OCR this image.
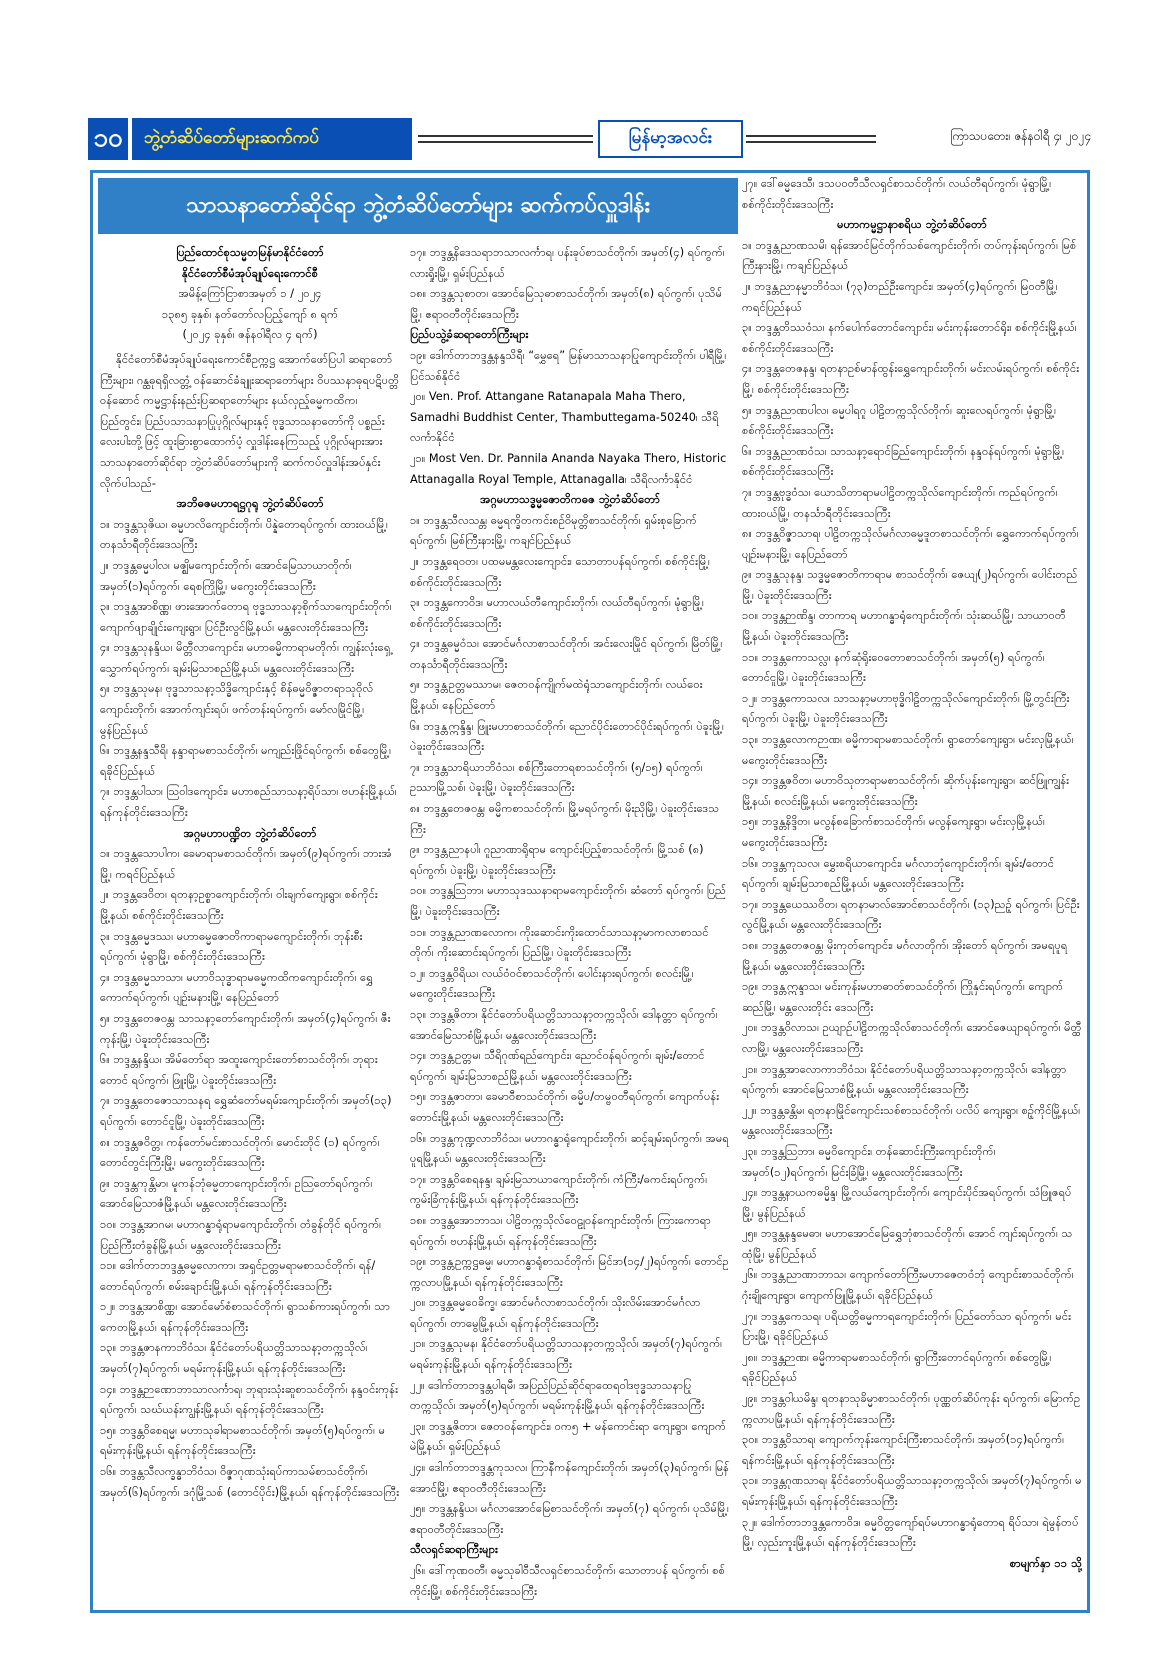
၁၀	ဘွဲ့တံဆိပ်တော်များဆက်ကပ်	မြန်မာ့အလင်း	ကြာသပတေး၊ ဇန်နဝါရီ ၄၊ ၂၀၂၄
သာသနာတော်ဆိုင်ရာ ဘွဲ့တံဆိပ်တော်များ ဆက်ကပ်လှူဒါန်း
ပြည်ထောင်စုသမ္မတမြန်မာနိုင်ငံတော်
နိုင်ငံတော်စီမံအုပ်ချုပ်ရေးကောင်စီ
အမိန့်ကြော်ငြာစာအမှတ် ၁ / ၂၀၂၄
၁၃၈၅ ခုနှစ်၊ နတ်တော်လပြည့်ကျော် ၈ ရက်
(၂၀၂၄ ခုနှစ်၊ ဇန်နဝါရီလ ၄ ရက်)
နိုင်ငံတော်စီမံအုပ်ချုပ်ရေးကောင်စီဥက္ကဋ္ဌ အောက်ဖော်ပြပါ ဆရာတော်ကြီးများ၊ ဂန္ထဓုရရှိလတ္တံ့ ဝန်ဆောင်ခံချူးဆရာတော်များ ဝိပဿနာဓုရပဋိပတ္တိဝန်ဆောင် ကမ္မဋ္ဌာန်းနည်းပြဆရာတော်များ နယ်လှည့်ဓမ္မကထိက၊ ပြည်တွင်း၊ ပြည်ပသာသနာပြုပုဂ္ဂိုလ်များနှင့် ဗုဒ္ဓသာသနာတော်ကို ပစ္စည်းလေးပါးတို့ဖြင့် ထူးခြားစွာထောက်ပံ့ လှူဒါန်းနေကြသည့် ပုဂ္ဂိုလ်များအား သာသနာတော်ဆိုင်ရာ ဘွဲ့တံဆိပ်တော်များကို ဆက်ကပ်လှူဒါန်းအပ်နှင်းလိုက်ပါသည်-
အဘိဓဇမဟာရဋ္ဌဂုရု ဘွဲ့တံဆိပ်တော်
၁။ ဘဒ္ဒန္တသုဇိယ၊ ဓမ္မပာလိကျောင်းတိုက်၊ ပိန္နဲတောရပ်ကွက်၊ ထားဝယ်မြို့၊ တနင်္သာရီတိုင်းဒေသကြီး
၂။ ဘဒ္ဒန္တဓမ္မပါလ၊ မဇ္ဈိမကျောင်းတိုက်၊ အောင်မြေသာယာတိုက်၊ အမှတ်(၁)ရပ်ကွက်၊ ရေစကြိုမြို့၊ မကွေးတိုင်းဒေသကြီး
၃။ ဘဒ္ဒန္တအာစိဏ္ဏ၊ ဖားအောက်တောရ ဗုဒ္ဓသာသနာ့စိုက်သာကျောင်းတိုက်၊ ကျောက်ဖျာချိုင်းကျေးရွာ၊ ပြင်ဦးလွင်မြို့နယ်၊ မန္တလေးတိုင်းဒေသကြီး
၄။ ဘဒ္ဒန္တသုနန္ဒိယ၊ မိတ္တီလာကျောင်း၊ မဟာဓမ္မိကာရာမတိုက်၊ ကျွန်းလုံးရှေ့သွှောက်ရပ်ကွက်၊ ချမ်းမြသာစည်မြို့နယ်၊ မန္တလေးတိုင်းဒေသကြီး
၅။ ဘဒ္ဒန္တသုမန၊ ဗုဒ္ဓသာသနာ့သိဒ္ဓိကျောင်းနှင့် စိန်ဓမ္မ၀ိဇ္ဇာတရာသုဝိုလ်ကျောင်းတိုက်၊ အောက်ကျင်းရပ်၊ ဖက်တန်းရပ်ကွက်၊ မော်လမြိုင်မြို့၊ မွန်ပြည်နယ်
၆။ ဘဒ္ဒန္တနန္ဒသီရိ၊ နန္ဒာရာမစာသင်တိုက်၊ မကျည်းဖြိုင်ရပ်ကွက်၊ စစ်တွေမြို့၊ ရခိုင်ပြည်နယ်
၇။ ဘဒ္ဒန္တပါသာ၊ သြဝါဒကျောင်း၊ မဟာစည်သာသနာ့ရိပ်သာ၊ ဗဟန်းမြို့နယ်၊ ရန်ကုန်တိုင်းဒေသကြီး
အဂ္ဂမဟာပဏ္ဍိတ ဘွဲ့တံဆိပ်တော်
၁။ ဘဒ္ဒန္တသောပါက၊ ခေမာရာမစာသင်တိုက်၊ အမှတ်(၉)ရပ်ကွက်၊ ဘားအံမြို့၊ ကရင်ပြည်နယ်
၂။ ဘဒ္ဒန္တဒေဝိတ၊ ရတနာ့ဥစ္စာကျောင်းတိုက်၊ ဝါးချက်ကျေးရွာ၊ စစ်ကိုင်းမြို့နယ်၊ စစ်ကိုင်းတိုင်းဒေသကြီး
၃။ ဘဒ္ဒန္တဓမ္မဒဿ၊ မဟာဓမ္မဇောတိကာရာမကျောင်းတိုက်၊ ဘုန်းစီး ရပ်ကွက်၊ မုံရွာမြို့၊ စစ်ကိုင်းတိုင်းဒေသကြီး
၄။ ဘဒ္ဒန္တဓမ္မသာသာ၊ မဟာဝိသုဒ္ဓာရာမဓမ္မကထိကကျောင်းတိုက်၊ ရွှေကောက်ရပ်ကွက်၊ ပျဉ်းမနားမြို့၊ နေပြည်တော်
၅။ ဘဒ္ဒန္တတေဇဝန္တ၊ သာသနာ့တော်ကျောင်းတိုက်၊ အမှတ်(၄)ရပ်ကွက်၊ ဇီးကုန်းမြို့၊ ပဲခူးတိုင်းဒေသကြီး
၆။ ဘဒ္ဒန္တနန္ဒိယ၊ အိမ်တော်ရာ အထူးကျောင်းတော်စာသင်တိုက်၊ ဘုရားတောင် ရပ်ကွက်၊ ဖြူးမြို့၊ ပဲခူးတိုင်းဒေသကြီး
၇။ ဘဒ္ဒန္တတေဇောသာသနရ ရွှေဆံတော်မရမ်းကျောင်းတိုက်၊ အမှတ်(၁၃) ရပ်ကွက်၊ တောင်ငူမြို့၊ ပဲခူးတိုင်းဒေသကြီး
၈။ ဘဒ္ဒန္တဇဝိတ္တ၊ ကန်တော်မင်းစာသင်တိုက်၊ မောင်းတိုင် (၁) ရပ်ကွက်၊ တောင်တွင်းကြီးမြို့၊ မကွေးတိုင်းဒေသကြီး
၉။ ဘဒ္ဒန္တကုန္တိမာ၊ မူကန်ဘုံဓမ္မတာကျောင်းတိုက်၊ ဥဩတော်ရပ်ကွက်၊ အောင်မြေသာဇံမြို့နယ်၊ မန္တလေးတိုင်းဒေသကြီး
၁၀။ ဘဒ္ဒန္တအာဂမ၊ မဟာဂန္ဓာရုံရာမကျောင်းတိုက်၊ တံခွန်တိုင် ရပ်ကွက်၊ ပြည်ကြီးတံခွန်မြို့နယ်၊ မန္တလေးတိုင်းဒေသကြီး
၁၁။ ဒေါက်တာဘဒ္ဒန္တဓမ္မလောကာ၊ အရှင်ဥတ္တမရာမစာသင်တိုက်၊ ရန်/တောင်ရပ်ကွက်၊ စမ်းချောင်းမြို့နယ်၊ ရန်ကုန်တိုင်းဒေသကြီး
၁၂။ ဘဒ္ဒန္တအာစိဏ္ဏ၊ အောင်မော်စံစာသင်တိုက်၊ ရွာသစ်ကားရပ်ကွက်၊ သာကေတမြို့နယ်၊ ရန်ကုန်တိုင်းဒေသကြီး
၁၃။ ဘဒ္ဒန္တဇာနကာဘိဝံသ၊ နိုင်ငံတော်ပရိယတ္တိသာသနာ့တက္ကသိုလ်၊ အမှတ်(၇)ရပ်ကွက်၊ မရမ်းကုန်းမြို့နယ်၊ ရန်ကုန်တိုင်းဒေသကြီး
၁၄။ ဘဒ္ဒန္တဉာဏောဘာသာလင်္ကာရ၊ ဘုရားသုံးဆူစာသင်တိုက်၊ နန္ဒဝင်းကုန်းရပ်ကွက်၊ သဃ်ယန်းကျွန်းမြို့နယ်၊ ရန်ကုန်တိုင်းဒေသကြီး
၁၅။ ဘဒ္ဒန္တဝိစေရမ္မ၊ မဟာသုခါရာမစာသင်တိုက်၊ အမှတ်(၅)ရပ်ကွက်၊ မရမ်းကုန်းမြို့နယ်၊ ရန်ကုန်တိုင်းဒေသကြီး
၁၆။ ဘဒ္ဒန္တသီလက္ခန္ဓာဘိဝံသ၊ ဝိဇ္ဇာဂုဏသုံးရပ်ကာသမ်စာသင်တိုက်၊ အမှတ်(၆)ရပ်ကွက်၊ ဒဂုံမြို့သစ် (တောင်ပိုင်း)မြို့နယ်၊ ရန်ကုန်တိုင်းဒေသကြီး
၁၇။ ဘဒ္ဒန္တနိဒေသရာဘသာလင်္ကာရ၊ ပန်းခုပ်စာသင်တိုက်၊ အမှတ်(၄) ရပ်ကွက်၊ လားရှိုးမြို့၊ ရှမ်းပြည်နယ်
၁၈။ ဘဒ္ဒန္တသုစာတ၊ အောင်မြေသုဓာစာသင်တိုက်၊ အမှတ်(၈) ရပ်ကွက်၊ ပုသိမ်မြို့၊ ဧရာဝတီတိုင်းဒေသကြီး
ပြည်ပသွဲ့ခံဆရာတော်ကြီးများ
၁၉။ ဒေါက်တာဘဒ္ဒန္တနန္ဒသိရီ၊ “မွှေရေ” မြန်မာသာသနာပြုကျောင်းတိုက်၊ ပါရီမြို့၊ ပြင်သစ်နိုင်ငံ
၂၀။ Ven. Prof. Attangane Ratanapala Maha Thero, Samadhi Buddhist Center, Thambuttegama-50240၊ သီရိလင်္ကာနိုင်ငံ
၂၁။ Most Ven. Dr. Pannila Ananda Nayaka Thero, Historic Attanagalla Royal Temple, Attanagalla၊ သီရိလင်္ကာနိုင်ငံ
အဂ္ဂမဟာသဒ္ဓမ္မဇောတိကဓဇ ဘွဲ့တံဆိပ်တော်
၁။ ဘဒ္ဒန္တသီလသန္တ၊ ဓမ္မရက္ခိတကင်းစဉ်ဝိမုတ္တိစာသင်တိုက်၊ ရှမ်းစုခြောက် ရပ်ကွက်၊ မြစ်ကြီးနားမြို့၊ ကချင်ပြည်နယ်
၂။ ဘဒ္ဒန္တရေဝတ၊ ပထမမန္တလေးကျောင်း၊ သောတာပန်ရပ်ကွက်၊ စစ်ကိုင်းမြို့၊ စစ်ကိုင်းတိုင်းဒေသကြီး
၃။ ဘဒ္ဒန္တကောဝိဒ၊ မဟာလယ်တီကျောင်းတိုက်၊ လယ်တီရပ်ကွက်၊ မုံရွာမြို့၊ စစ်ကိုင်းတိုင်းဒေသကြီး
၄။ ဘဒ္ဒန္တဓမ္မဝံသ၊ အောင်မင်္ဂလာစာသင်တိုက်၊ အင်းလေးမြိုင် ရပ်ကွက်၊ မြိတ်မြို့၊ တနင်္သာရီတိုင်းဒေသကြီး
၅။ ဘဒ္ဒန္တဥတ္တမဿာမ၊ ဇေတဝန်ကျိုက်မထဲရုံသာကျောင်းတိုက်၊ လယ်ဝေးမြို့နယ်၊ နေပြည်တော်
၆။ ဘဒ္ဒန္တဣန္ဒိန္ဒ၊ ဖြူးမဟာစာသင်တိုက်၊ ညောင်ပိုင်းတောင်ပိုင်းရပ်ကွက်၊ ပဲခူးမြို့၊ ပဲခူးတိုင်းဒေသကြီး
၇။ ဘဒ္ဒန္တသာရိယာဘိဝံသ၊ စစ်ကြီးတောရစာသင်တိုက်၊ (၅/၁၅) ရပ်ကွက်၊ ဥဿာမြို့သစ်၊ ပဲခူးမြို့၊ ပဲခူးတိုင်းဒေသကြီး
၈။ ဘဒ္ဒန္တတေဇဝန္တ၊ ဓမ္မိကစာသင်တိုက်၊ မြို့မရပ်ကွက်၊ မိုးညိုမြို့၊ ပဲခူးတိုင်းဒေသကြီး
၉။ ဘဒ္ဒန္တညာနပါ၊ ဂူညာဏာရိုရာမ ကျောင်းပြည့်စာသင်တိုက်၊ မြို့သစ် (၈) ရပ်ကွက်၊ ပဲခူးမြို့၊ ပဲခူးတိုင်းဒေသကြီး
၁၀။ ဘဒ္ဒန္တသြဘာ၊ မဟာသုဒဿနာရာမကျောင်းတိုက်၊ ဆံတော် ရပ်ကွက်၊ ပြည်မြို့၊ ပဲခူးတိုင်းဒေသကြီး
၁၁။ ဘဒ္ဒန္တညာဏလောက၊ ကိုးဆောင်းကိုးထောင်သာသနာ့မာကလာစာသင်တိုက်၊ ကိုးဆောင်းရပ်ကွက်၊ ပြည်မြို့၊ ပဲခူးတိုင်းဒေသကြီး
၁၂။ ဘဒ္ဒန္တဝိရိယ၊ လယ်ဝံဝင်စာသင်တိုက်၊ ပေါင်းနားရပ်ကွက်၊ စလင်းမြို့၊ မကွေးတိုင်းဒေသကြီး
၁၃။ ဘဒ္ဒန္တဇိတာ၊ နိုင်ငံတော်ပရိယတ္တိသာသနာ့တက္ကသိုလ်၊ ဒေါနတ္တာ ရပ်ကွက်၊ အောင်မြေသာစံမြို့နယ်၊ မန္တလေးတိုင်းဒေသကြီး
၁၄။ ဘဒ္ဒန္တဥတ္တမ၊ သီရိဂုဏ်ရည်ကျောင်း၊ ညောင်ဝန်ရပ်ကွက်၊ ချမ်း/တောင်ရပ်ကွက်၊ ချမ်းမြသာစည်မြို့နယ်၊ မန္တလေးတိုင်းဒေသကြီး
၁၅။ ဘဒ္ဒန္တဇာတာ၊ ခေမာဝီစာသင်တိုက်၊ ဓမ္မိပ/တမ္ဗဝတီရပ်ကွက်၊ ကျောက်ပန်းတောင်းမြို့နယ်၊ မန္တလေးတိုင်းဒေသကြီး
၁၆။ ဘဒ္ဒန္တကုဏ္ဍလာဘိဝံသ၊ မဟာဂန္ဓာရုံကျောင်းတိုက်၊ ဆင့်ချမ်းရပ်ကွက်၊ အမရပူရမြို့နယ်၊ မန္တလေးတိုင်းဒေသကြီး
၁၇။ ဘဒ္ဒန္တဝိစေရနန္ဒ၊ ချမ်းမြသာယာကျောင်းတိုက်၊ ကံကြီး/ဓကင်းရပ်ကွက်၊ ကွမ်းခြံကုန်းမြို့နယ်၊ ရန်ကုန်တိုင်းဒေသကြီး
၁၈။ ဘဒ္ဒန္တအောဘာသ၊ ပါဠိတက္ကသိုလ်ဝေဠုဝန်ကျောင်းတိုက်၊ ကြားကောရာရပ်ကွက်၊ ဗဟန်းမြို့နယ်၊ ရန်ကုန်တိုင်းဒေသကြီး
၁၉။ ဘဒ္ဒန္တဥက္ကဋ္ဌဓမ္မ၊ မဟာဂန္ဓာရုံစာသင်တိုက်၊ မြင်ဒာ(၁၄/၂)ရပ်ကွက်၊ တောင်ဥက္ကလာပမြို့နယ်၊ ရန်ကုန်တိုင်းဒေသကြီး
၂၀။ ဘဒ္ဒန္တဓမ္မဝေခိက္ခ၊ အောင်မင်္ဂလာစာသင်တိုက်၊ သိုးလိမ်းအောင်မင်္ဂလာရပ်ကွက်၊ တာမွေမြို့နယ်၊ ရန်ကုန်တိုင်းဒေသကြီး
၂၁။ ဘဒ္ဒန္တသုမန၊ နိုင်ငံတော်ပရိယတ္တိသာသနာ့တက္ကသိုလ်၊ အမှတ်(၇)ရပ်ကွက်၊ မရမ်းကုန်းမြို့နယ်၊ ရန်ကုန်တိုင်းဒေသကြီး
၂၂။ ဒေါက်တာဘဒ္ဒန္တပါရမီ၊ အပြည်ပြည်ဆိုင်ရာထေရဝါဒဗုဒ္ဓသာသနာပြုတက္ကသိုလ်၊ အမှတ်(၅)ရပ်ကွက်၊ မရမ်းကုန်းမြို့နယ်၊ ရန်ကုန်တိုင်းဒေသကြီး
၂၃။ ဘဒ္ဒန္တဇိတာ၊ ဇေတဝန်ကျောင်း၊ ဝက၅ + မန်ကောင်းရာ ကျေးရွာ၊ ကျောက်မဲမြို့နယ်၊ ရှမ်းပြည်နယ်
၂၄။ ဒေါက်တာဘဒ္ဒန္တကုသလ၊ ကြာနီကန်ကျောင်းတိုက်၊ အမှတ်(၃)ရပ်ကွက်၊ မြန်အောင်မြို့၊ ဧရာဝတီတိုင်းဒေသကြီး
၂၅။ ဘဒ္ဒန္တနန္ဒိယ၊ မင်္ဂလာအောင်မြေစာသင်တိုက်၊ အမှတ်(၇) ရပ်ကွက်၊ ပုသိမ်မြို့၊ ဧရာဝတီတိုင်းဒေသကြီး
သီလရှင်ဆရာကြီးများ
၂၆။ ဒေါ်ကုဏဝတီ၊ ဓမ္မသုခါဝီသီလရှင်စာသင်တိုက်၊ သောတာပန် ရပ်ကွက်၊ စစ်ကိုင်းမြို့၊ စစ်ကိုင်းတိုင်းဒေသကြီး
၂၇။ ဒေါ်ဓမ္မဒေသီ၊ ဒသပဝတီသီလရှင်စာသင်တိုက်၊ လယ်တီရပ်ကွက်၊ မုံရွာမြို့၊ စစ်ကိုင်းတိုင်းဒေသကြီး
မဟာကမ္မဋ္ဌာနာစရိယ ဘွဲ့တံဆိပ်တော်
၁။ ဘဒ္ဒန္တညာဏသမိ၊ ရန်အောင်မြင်တိုက်သစ်ကျောင်းတိုက်၊ တပ်ကုန်းရပ်ကွက်၊ မြစ်ကြီးနားမြို့၊ ကချင်ပြည်နယ်
၂။ ဘဒ္ဒန္တညာနမ္မာဘိဝံသ၊ (၇၃)တည်ဦးကျောင်း၊ အမှတ်(၄)ရပ်ကွက်၊ မြဝတီမြို့၊ ကရင်ပြည်နယ်
၃။ ဘဒ္ဒန္တတိဿဝံသ၊ နက်ပေါက်တောင်ကျောင်း၊ မင်းကုန်းတောင်ရိုး၊ စစ်ကိုင်းမြို့နယ်၊ စစ်ကိုင်းတိုင်းဒေသကြီး
၄။ ဘဒ္ဒန္တတေဇနန္ဒ၊ ရတနာဥစ်မာန်ထွန်းရွှေကျောင်းတိုက်၊ မင်းလမ်းရပ်ကွက်၊ စစ်ကိုင်းမြို့၊ စစ်ကိုင်းတိုင်းဒေသကြီး
၅။ ဘဒ္ဒန္တညာဏပါလ၊ ဓမ္မပါရဂူ ပါဠိတက္ကသိုလ်တိုက်၊ ဆူးလေရပ်ကွက်၊ မုံရွာမြို့၊ စစ်ကိုင်းတိုင်းဒေသကြီး
၆။ ဘဒ္ဒန္တညာဏဝံသ၊ သာသနာ့ရောင်ခြည်ကျောင်းတိုက်၊ နန္ဒဝန်ရပ်ကွက်၊ မုံရွာမြို့၊ စစ်ကိုင်းတိုင်းဒေသကြီး
၇။ ဘဒ္ဒန္တဗုဒ္ဓဝံသ၊ ယောသိတာရာမပါဠိတက္ကသိုလ်ကျောင်းတိုက်၊ ကည်ရပ်ကွက်၊ ထားဝယ်မြို့၊ တနင်္သာရီတိုင်းဒေသကြီး
၈။ ဘဒ္ဒန္တဝိဇ္ဇာသာရ၊ ပါဠိတက္ကသိုလ်မင်္ဂလာဓမ္မဒူတစာသင်တိုက်၊ ရွှေကောက်ရပ်ကွက်၊ ပျဉ်းမနားမြို့၊ နေပြည်တော်
၉။ ဘဒ္ဒန္တသုနန္ဒ၊ သဒ္ဓမ္မဇောတိကာရာမ စာသင်တိုက်၊ ဇေယျ(၂)ရပ်ကွက်၊ ပေါင်းတည်မြို့၊ ပဲခူးတိုင်းဒေသကြီး
၁၀။ ဘဒ္ဒန္တဉာဏိန္ဒ၊ တာကာရ မဟာဂန္ဓာရုံကျောင်းတိုက်၊ သုံးဆယ်မြို့၊ သာယာဝတီမြို့နယ်၊ ပဲခူးတိုင်းဒေသကြီး
၁၁။ ဘဒ္ဒန္တကောသလ္လ၊ နက်ဆုံရိုးဝေတောစာသင်တိုက်၊ အမှတ်(၅) ရပ်ကွက်၊ တောင်ငူမြို့၊ ပဲခူးတိုင်းဒေသကြီး
၁၂။ ဘဒ္ဒန္တကောသလ၊ သာသနာ့မဟာဗုဒ္ဓိဂါဠိတက္ကသိုလ်ကျောင်းတိုက်၊ မြို့တွင်းကြီးရပ်ကွက်၊ ပဲခူးမြို့၊ ပဲခူးတိုင်းဒေသကြီး
၁၃။ ဘဒ္ဒန္တလောကဉာဏ၊ ဓမ္မိကာရာမစာသင်တိုက်၊ ရွာတော်ကျေးရွာ၊ မင်းလှမြို့နယ်၊ မကွေးတိုင်းဒေသကြီး
၁၄။ ဘဒ္ဒန္တဇဝိတ၊ မဟာဝိသုတာရာမစာသင်တိုက်၊ ဆိုက်ပုန်းကျေးရွာ၊ ဆင်ဖြူကျွန်းမြို့နယ်၊ စလင်းမြို့နယ်၊ မကွေးတိုင်းဒေသကြီး
၁၅။ ဘဒ္ဒန္တနိဒ္ဒိတ၊ မလွန်စခြောက်စာသင်တိုက်၊ မလွန်ကျေးရွာ၊ မင်းလှမြို့နယ်၊ မကွေးတိုင်းဒေသကြီး
၁၆။ ဘဒ္ဒန္တကုသလ၊ မွှေးစရိယာကျောင်း၊ မင်္ဂလာဘုံကျောင်းတိုက်၊ ချမ်း/တောင်ရပ်ကွက်၊ ချမ်းမြသာစည်မြို့နယ်၊ မန္တလေးတိုင်းဒေသကြီး
၁၇။ ဘဒ္ဒန္တယေဿဝိတ၊ ရတနာမာလ်အောင်စာသင်တိုက်၊ (၁၃)ညဉ့် ရပ်ကွက်၊ ပြင်ဦးလွင်မြို့နယ်၊ မန္တလေးတိုင်းဒေသကြီး
၁၈။ ဘဒ္ဒန္တတေဇဝန္တ၊ မိုးကုတ်ကျောင်း၊ မင်္ဂလာတိုက်၊ အိုးတော် ရပ်ကွက်၊ အမရပူရမြို့နယ်၊ မန္တလေးတိုင်းဒေသကြီး
၁၉။ ဘဒ္ဒန္တဣန္ဒာသ၊ မင်းကုန်းမဟာဓာတ်စာသင်တိုက်၊ ကြိုနှင်းရပ်ကွက်၊ ကျောက်ဆည်မြို့၊ မန္တလေးတိုင်း ဒေသကြီး
၂၀။ ဘဒ္ဒန္တဝိလာသ၊ ဥယျာဉ်ပါဠိတက္ကသိုလ်စာသင်တိုက်၊ အောင်ဇေယျာရပ်ကွက်၊ မိတ္ထီလာမြို့၊ မန္တလေးတိုင်းဒေသကြီး
၂၁။ ဘဒ္ဒန္တအာလောကာဘိဝံသ၊ နိုင်ငံတော်ပရိယတ္တိသာသနာ့တက္ကသိုလ်၊ ဒေါနတ္တာရပ်ကွက်၊ အောင်မြေသာစံမြို့နယ်၊ မန္တလေးတိုင်းဒေသကြီး
၂၂။ ဘဒ္ဒန္တခန္တိမ၊ ရတနာမြိုင်ကျောင်းသစ်စာသင်တိုက်၊ ပလိပ် ကျေးရွာ၊ စဉ့်ကိုင်မြို့နယ်၊ မန္တလေးတိုင်းဒေသကြီး
၂၃။ ဘဒ္ဒန္တသြဘာ၊ ဓမ္မဝိကျောင်း၊ တန်ဆောင်းကြီးကျောင်းတိုက်၊ အမှတ်(၁၂)ရပ်ကွက်၊ မြင်းခြံမြို့၊ မန္တလေးတိုင်းဒေသကြီး
၂၄။ ဘဒ္ဒန္တနာယကဓမ္မိန္ဒ၊ မြို့လယ်ကျောင်းတိုက်၊ ကျောင်းပိုင်အရပ်ကွက်၊ သံဖြူဇရပ်မြို့၊ မွန်ပြည်နယ်
၂၅။ ဘဒ္ဒန္တနန္ဒမေဓာ၊ မဟာအောင်မြေရွှေဘုံစာသင်တိုက်၊ အောင် ကျင်းရပ်ကွက်၊ သထုံမြို့၊ မွန်ပြည်နယ်
၂၆။ ဘဒ္ဒန္တညာဏာဘာသ၊ ကျောက်တော်ကြီးမဟာဇေတဝံဘုံ ကျောင်းစာသင်တိုက်၊ ဂုံးချိုကျေးရွာ၊ ကျောက်ဖြူမြို့နယ်၊ ရခိုင်ပြည်နယ်
၂၇။ ဘဒ္ဒန္တကေသရ၊ ပရိယတ္တိဓမ္မကာရကျောင်းတိုက်၊ ပြည်တော်သာ ရပ်ကွက်၊ မင်းပြားမြို့၊ ရခိုင်ပြည်နယ်
၂၈။ ဘဒ္ဒန္တဉာဏ၊ ဓမ္မိကာရာမစာသင်တိုက်၊ ရွာကြီးတောင်ရပ်ကွက်၊ စစ်တွေမြို့၊ ရခိုင်ပြည်နယ်
၂၉။ ဘဒ္ဒန္တဝါယမိန္ဒ၊ ရတနာသုခိမ္မာစာသင်တိုက်၊ ပုဏ္ဏတ်ဆိပ်ကုန်း ရပ်ကွက်၊ မြောက်ဥက္ကလာပမြို့နယ်၊ ရန်ကုန်တိုင်းဒေသကြီး
၃၀။ ဘဒ္ဒန္တဝိသာရ၊ ကျောက်ကုန်းကျောင်းကြီးစာသင်တိုက်၊ အမှတ်(၁၄)ရပ်ကွက်၊ ရန်ကင်းမြို့နယ်၊ ရန်ကုန်တိုင်းဒေသကြီး
၃၁။ ဘဒ္ဒန္တဂုဏသာရ၊ နိုင်ငံတော်ပရိယတ္တိသာသနာ့တက္ကသိုလ်၊ အမှတ်(၇)ရပ်ကွက်၊ မရမ်းကုန်းမြို့နယ်၊ ရန်ကုန်တိုင်းဒေသကြီး
၃၂။ ဒေါက်တာဘဒ္ဒန္တကောဝိဒ၊ ဓမ္မဝိတ္တကျော်ရပ်မဟာဂန္ဓာရုံတောရ ရိပ်သာ၊ ရဲမွန်တပ်မြို့၊ လှည်းကူးမြို့နယ်၊ ရန်ကုန်တိုင်းဒေသကြီး
စာမျက်နှာ ၁၁ သို့
